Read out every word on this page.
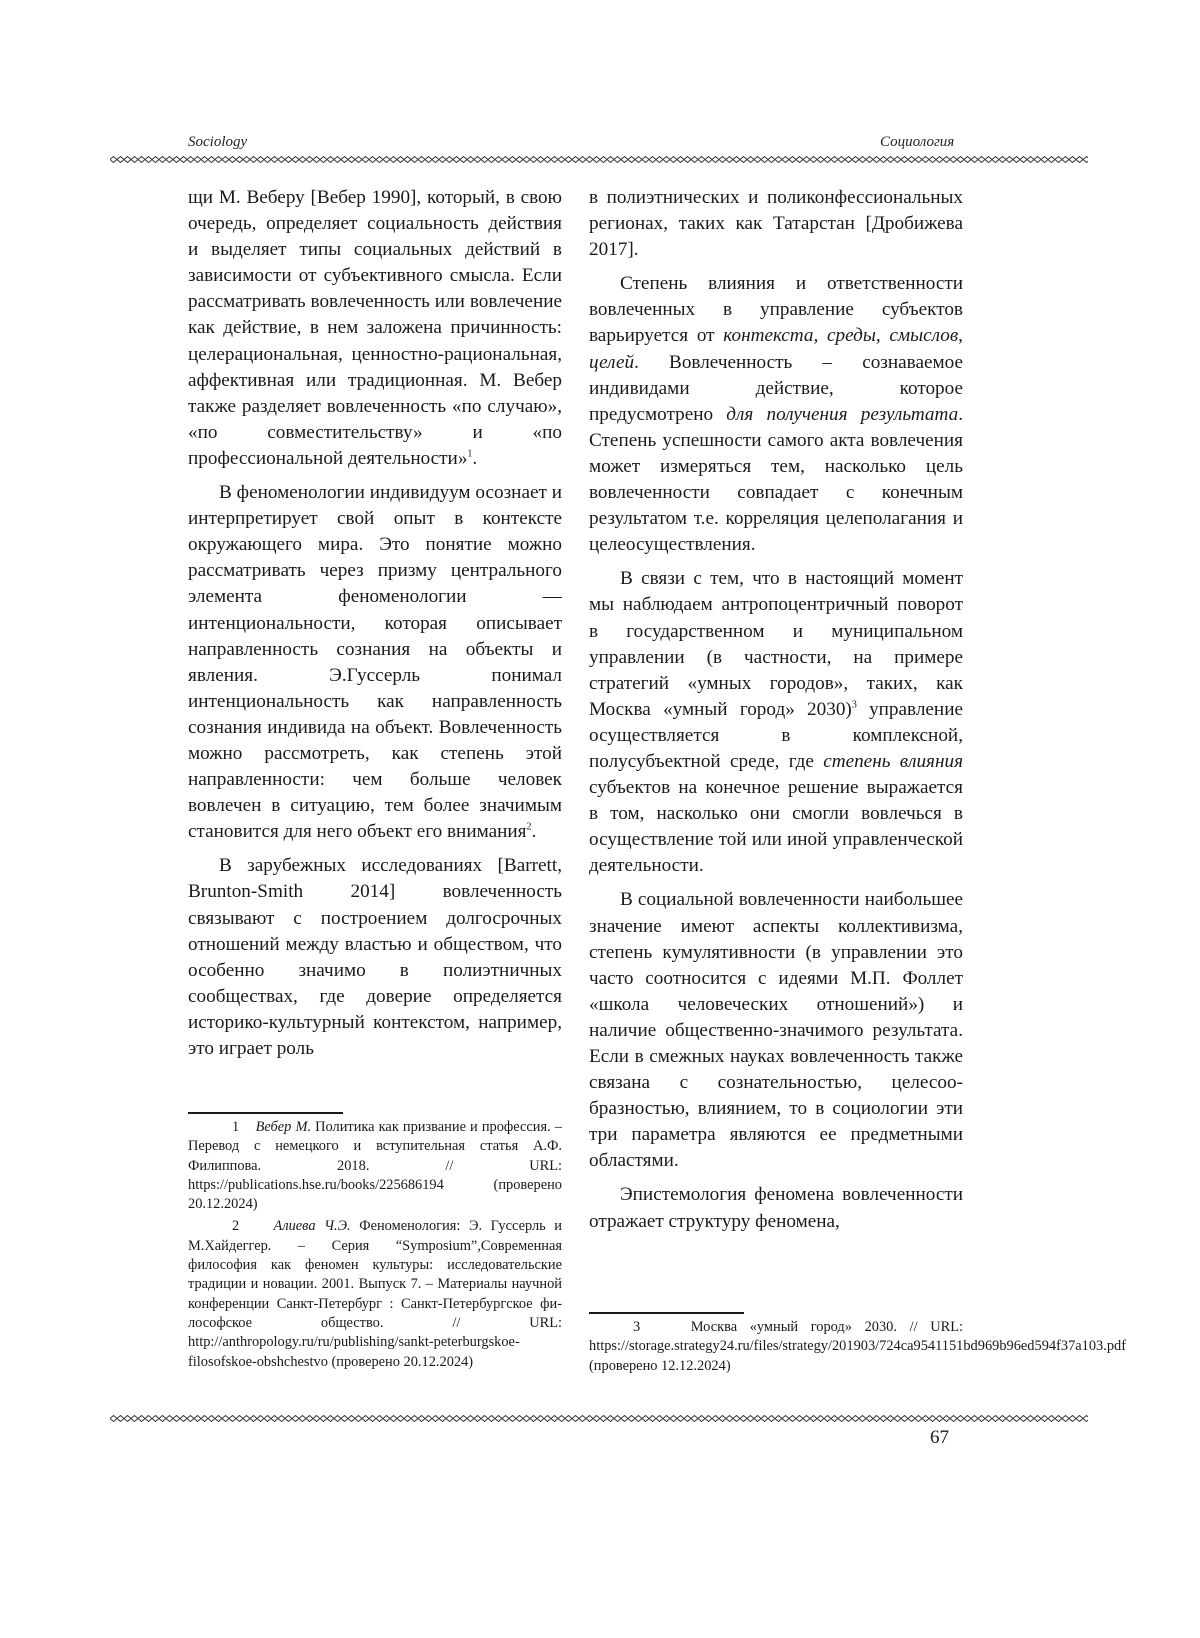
Sociology	Социология

щи М. Веберу [Вебер 1990], который, в свою очередь, определяет социальность действия и выделяет типы социальных действий в зависимости от субъективного смысла. Если рассматривать вовлеченность или вовлечение как действие, в нем заложена причинность: целерациональная, ценностно-рациональная, аффективная или традиционная. М. Вебер также разделяет вовлеченность «по случаю», «по совместительству» и «по профессиональной деятельности»$^1$.

В феноменологии индивидуум осознает и интерпретирует свой опыт в контексте окружающего мира. Это понятие можно рассматривать через призму центрального элемента феноменологии — интенциональности, которая описывает направленность сознания на объекты и явления. Э.Гуссерль понимал интенциональность как направленность сознания индивида на объект. Вовлеченность можно рассмотреть, как степень этой направленности: чем больше человек вовлечен в ситуацию, тем более значимым становится для него объект его внимания$^2$.

В зарубежных исследованиях [Barrett, Brunton-Smith 2014] вовлеченность связывают с построением долгосрочных отношений между властью и обществом, что особенно значимо в полиэтничных сообществах, где доверие определяется историко-культурный контекстом, например, это играет роль

1 Вебер М. Политика как призвание и профессия. – Перевод с немецкого и вступительная статья А.Ф. Филиппова. 2018. // URL: https://publications.hse.ru/books/225686194 (проверено 20.12.2024)

2 Алиева Ч.Э. Феноменология: Э. Гуссерль и М.Хайдеггер. – Серия “Symposium”,Современная философия как феномен культуры: исследовательские традиции и новации. 2001. Выпуск 7. – Материалы научной конференции Санкт-Петербург : Санкт-Петербургское философское общество. // URL: http://anthropology.ru/ru/publishing/sankt-peterburgskoe-filosofskoe-obshchestvo (проверено 20.12.2024)

в полиэтнических и поликонфессиональных регионах, таких как Татарстан [Дробижева 2017].

Степень влияния и ответственности вовлеченных в управление субъектов варьируется от контекста, среды, смыслов, целей. Вовлеченность – сознаваемое индивидами действие, которое предусмотрено для получения результата. Степень успешности самого акта вовлечения может измеряться тем, насколько цель вовлеченности совпадает с конечным результатом т.е. корреляция целеполагания и целеосуществления.

В связи с тем, что в настоящий момент мы наблюдаем антропоцентричный поворот в государственном и муниципальном управлении (в частности, на примере стратегий «умных городов», таких, как Москва «умный город» 2030)$^3$ управление осуществляется в комплексной, полусубъектной среде, где степень влияния субъектов на конечное решение выражается в том, насколько они смогли вовлечься в осуществление той или иной управленческой деятельности.

В социальной вовлеченности наибольшее значение имеют аспекты коллективизма, степень кумулятивности (в управлении это часто соотносится с идеями М.П. Фоллет «школа человеческих отношений») и наличие общественно-значимого результата. Если в смежных науках вовлеченность также связана с сознательностью, целесообразностью, влиянием, то в социологии эти три параметра являются ее предметными областями.

Эпистемология феномена вовлеченности отражает структуру феномена,

3	Москва «умный город» 2030. // URL: https://storage.strategy24.ru/files/strategy/201903/724ca9541151bd969b96ed594f37a103.pdf (проверено 12.12.2024)

67
